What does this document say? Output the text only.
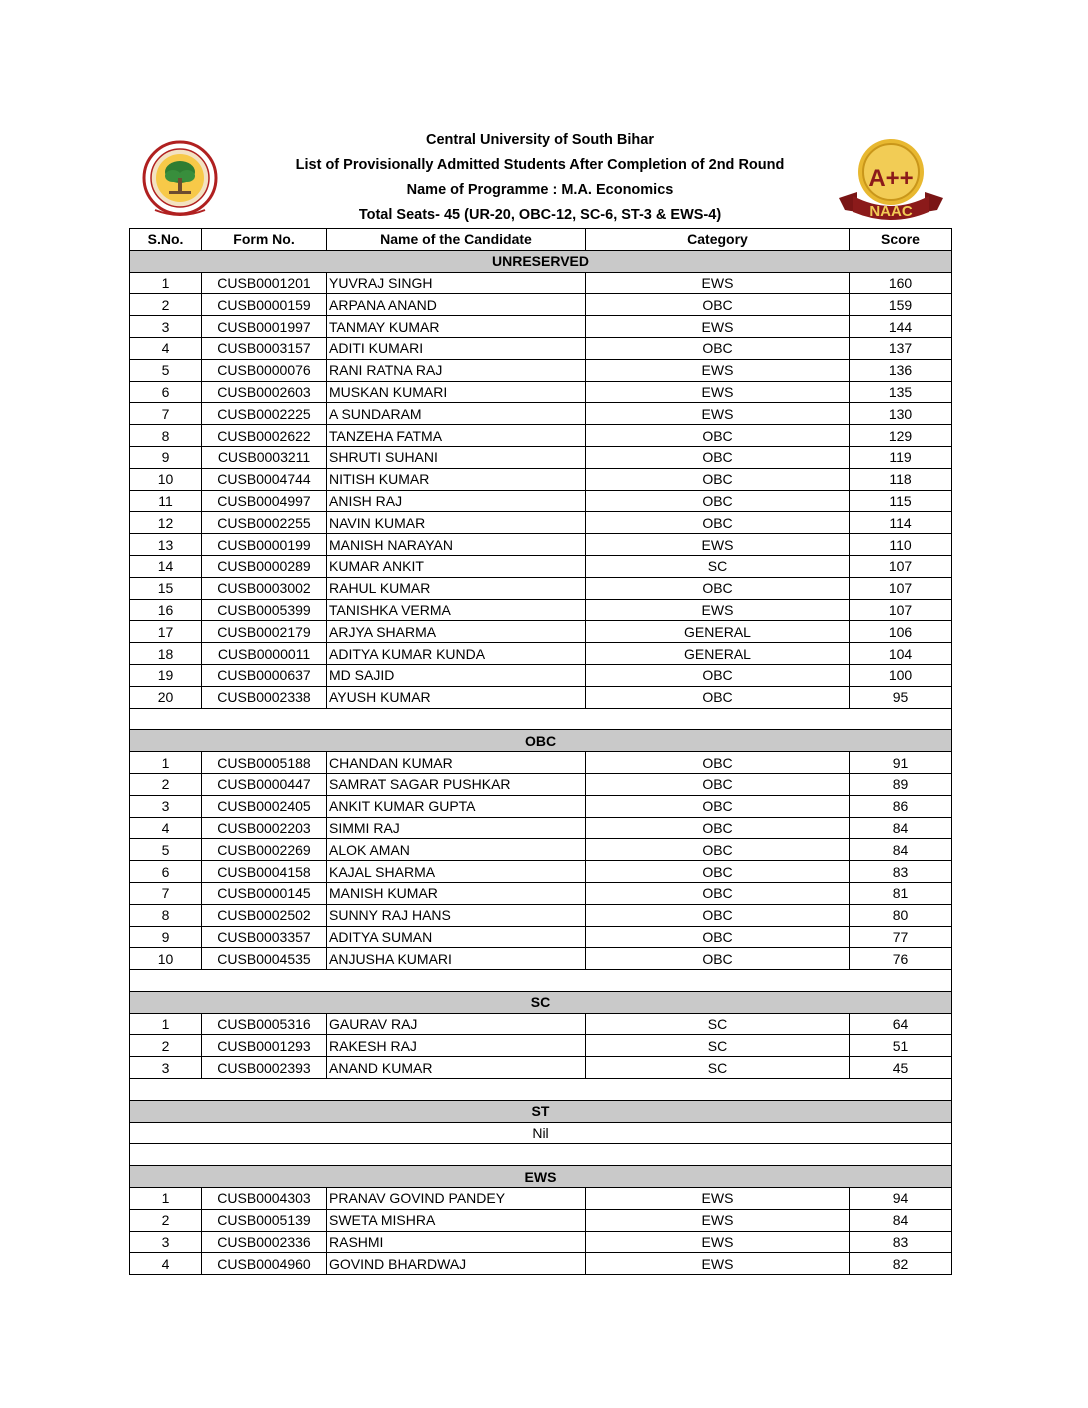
Central University of South Bihar
List of Provisionally Admitted Students After Completion of 2nd Round
Name of Programme : M.A. Economics
Total Seats- 45 (UR-20, OBC-12, SC-6, ST-3 & EWS-4)
A++
NAAC
S.No.	Form No.	Name of the Candidate	Category	Score
UNRESERVED				
1	CUSB0001201	YUVRAJ SINGH	EWS	160
2	CUSB0000159	ARPANA ANAND	OBC	159
3	CUSB0001997	TANMAY KUMAR	EWS	144
4	CUSB0003157	ADITI KUMARI	OBC	137
5	CUSB0000076	RANI RATNA RAJ	EWS	136
6	CUSB0002603	MUSKAN KUMARI	EWS	135
7	CUSB0002225	A SUNDARAM	EWS	130
8	CUSB0002622	TANZEHA FATMA	OBC	129
9	CUSB0003211	SHRUTI SUHANI	OBC	119
10	CUSB0004744	NITISH KUMAR	OBC	118
11	CUSB0004997	ANISH RAJ	OBC	115
12	CUSB0002255	NAVIN KUMAR	OBC	114
13	CUSB0000199	MANISH NARAYAN	EWS	110
14	CUSB0000289	KUMAR ANKIT	SC	107
15	CUSB0003002	RAHUL KUMAR	OBC	107
16	CUSB0005399	TANISHKA VERMA	EWS	107
17	CUSB0002179	ARJYA SHARMA	GENERAL	106
18	CUSB0000011	ADITYA KUMAR KUNDA	GENERAL	104
19	CUSB0000637	MD SAJID	OBC	100
20	CUSB0002338	AYUSH KUMAR	OBC	95

OBC				
1	CUSB0005188	CHANDAN KUMAR	OBC	91
2	CUSB0000447	SAMRAT SAGAR PUSHKAR	OBC	89
3	CUSB0002405	ANKIT KUMAR GUPTA	OBC	86
4	CUSB0002203	SIMMI RAJ	OBC	84
5	CUSB0002269	ALOK AMAN	OBC	84
6	CUSB0004158	KAJAL SHARMA	OBC	83
7	CUSB0000145	MANISH KUMAR	OBC	81
8	CUSB0002502	SUNNY RAJ HANS	OBC	80
9	CUSB0003357	ADITYA SUMAN	OBC	77
10	CUSB0004535	ANJUSHA KUMARI	OBC	76

SC				
1	CUSB0005316	GAURAV RAJ	SC	64
2	CUSB0001293	RAKESH RAJ	SC	51
3	CUSB0002393	ANAND KUMAR	SC	45

ST				
Nil				

EWS				
1	CUSB0004303	PRANAV GOVIND PANDEY	EWS	94
2	CUSB0005139	SWETA MISHRA	EWS	84
3	CUSB0002336	RASHMI	EWS	83
4	CUSB0004960	GOVIND BHARDWAJ	EWS	82
